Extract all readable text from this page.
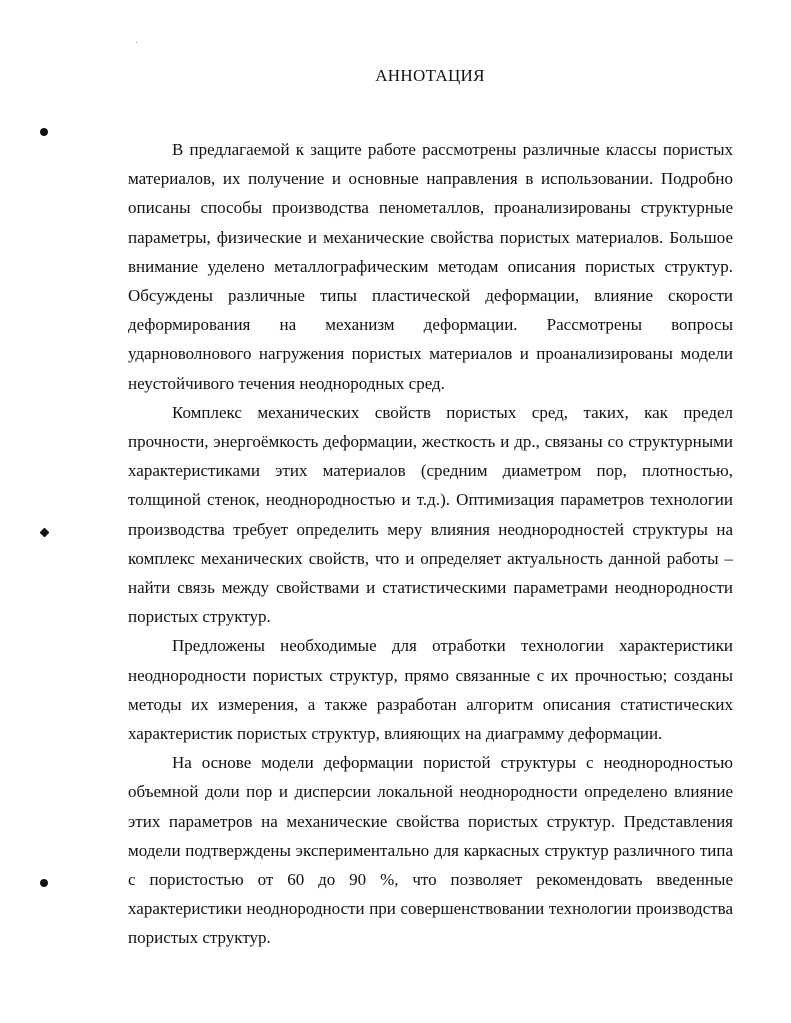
АННОТАЦИЯ

В предлагаемой к защите работе рассмотрены различные классы пористых материалов, их получение и основные направления в использовании. Подробно описаны способы производства пенометаллов, проанализированы структурные параметры, физические и механические свойства пористых материалов. Большое внимание уделено металлографическим методам описания пористых структур. Обсуждены различные типы пластической деформации, влияние скорости деформирования на механизм деформации. Рассмотрены вопросы ударноволнового нагружения пористых материалов и проанализированы модели неустойчивого течения неоднородных сред.

Комплекс механических свойств пористых сред, таких, как предел прочности, энергоёмкость деформации, жесткость и др., связаны со структурными характеристиками этих материалов (средним диаметром пор, плотностью, толщиной стенок, неоднородностью и т.д.). Оптимизация параметров технологии производства требует определить меру влияния неоднородностей структуры на комплекс механических свойств, что и определяет актуальность данной работы – найти связь между свойствами и статистическими параметрами неоднородности пористых структур.

Предложены необходимые для отработки технологии характеристики неоднородности пористых структур, прямо связанные с их прочностью; созданы методы их измерения, а также разработан алгоритм описания статистических характеристик пористых структур, влияющих на диаграмму деформации.

На основе модели деформации пористой структуры с неоднородностью объемной доли пор и дисперсии локальной неоднородности определено влияние этих параметров на механические свойства пористых структур. Представления модели подтверждены экспериментально для каркасных структур различного типа с пористостью от 60 до 90 %, что позволяет рекомендовать введенные характеристики неоднородности при совершенствовании технологии производства пористых структур.
